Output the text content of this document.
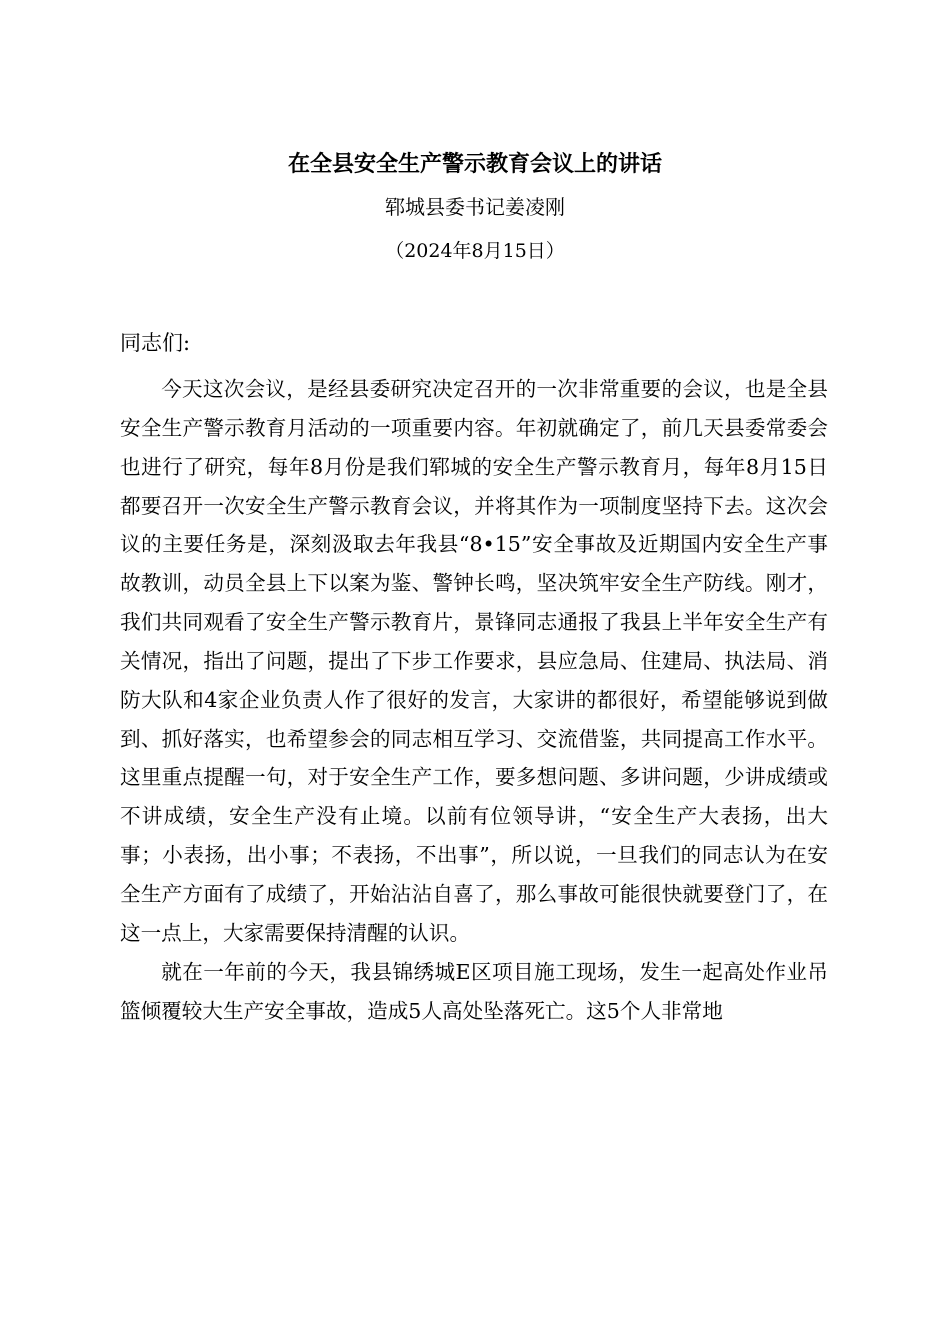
在全县安全生产警示教育会议上的讲话
郓城县委书记姜凌刚
（2024年8月15日）
同志们:

今天这次会议，是经县委研究决定召开的一次非常重要的会议，也是全县安全生产警示教育月活动的一项重要内容。年初就确定了，前几天县委常委会也进行了研究，每年8月份是我们郓城的安全生产警示教育月，每年8月15日都要召开一次安全生产警示教育会议，并将其作为一项制度坚持下去。这次会议的主要任务是，深刻汲取去年我县“8•15”安全事故及近期国内安全生产事故教训，动员全县上下以案为鉴、警钟长鸣，坚决筑牢安全生产防线。刚才，我们共同观看了安全生产警示教育片，景锋同志通报了我县上半年安全生产有关情况，指出了问题，提出了下步工作要求，县应急局、住建局、执法局、消防大队和4家企业负责人作了很好的发言，大家讲的都很好，希望能够说到做到、抓好落实，也希望参会的同志相互学习、交流借鉴，共同提高工作水平。这里重点提醒一句，对于安全生产工作，要多想问题、多讲问题，少讲成绩或不讲成绩，安全生产没有止境。以前有位领导讲，“安全生产大表扬，出大事；小表扬，出小事；不表扬，不出事”，所以说，一旦我们的同志认为在安全生产方面有了成绩了，开始沾沾自喜了，那么事故可能很快就要登门了，在这一点上，大家需要保持清醒的认识。

就在一年前的今天，我县锦绣城E区项目施工现场，发生一起高处作业吊篮倾覆较大生产安全事故，造成5人高处坠落死亡。这5个人非常地
